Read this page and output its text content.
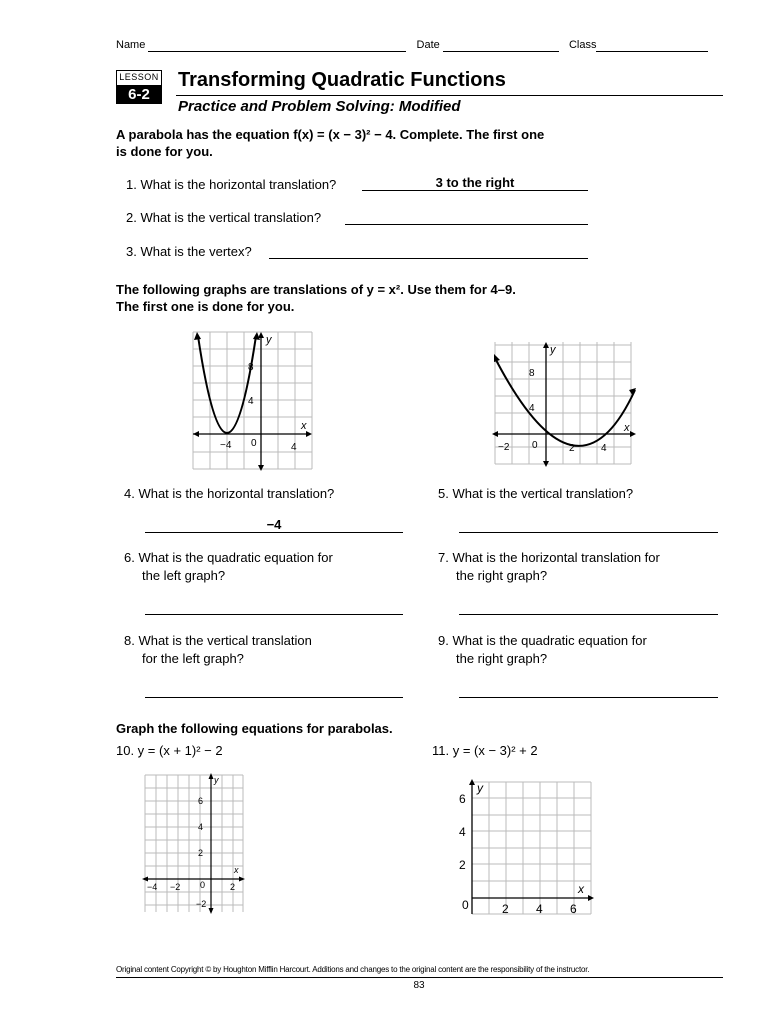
Name	Date	Class
LESSON
6-2
Transforming Quadratic Functions
Practice and Problem Solving: Modified
A parabola has the equation f(x) = (x − 3)² − 4. Complete. The first one
is done for you.
1. What is the horizontal translation?	3 to the right
2. What is the vertical translation?
3. What is the vertex?
The following graphs are translations of y = x². Use them for 4–9.
The first one is done for you.
y
x
8
4
−4 0	4
y
x
8
4
−2 0	2	4
4. What is the horizontal translation?
−4
5. What is the vertical translation?
6. What is the quadratic equation for
the left graph?
7. What is the horizontal translation for
the right graph?
8. What is the vertical translation
for the left graph?
9. What is the quadratic equation for
the right graph?
Graph the following equations for parabolas.
10. y = (x + 1)² − 2	11. y = (x − 3)² + 2
y
x
6
4
2
−4 −2 0	2
−2
y
x
6
4
2
0	2 4 6
Original content Copyright © by Houghton Mifflin Harcourt. Additions and changes to the original content are the responsibility of the instructor.
83
